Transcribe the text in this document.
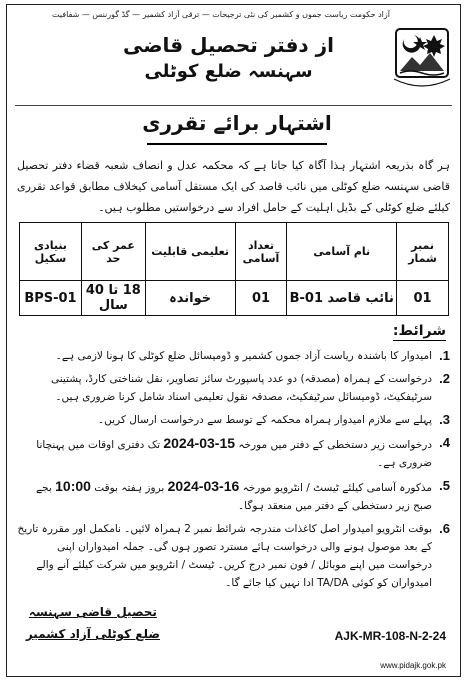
آزاد حکومت ریاست جموں و کشمیر کی نئی ترجیحات — ترقی آزاد کشمیر — گڈ گورننس — شفافیت
از دفتر تحصیل قاضی
سہنسہ ضلع کوٹلی
اشتہار برائے تقرری
ہر گاہ بذریعہ اشتہار ہذا آگاہ کیا جاتا ہے کہ محکمہ عدل و انصاف شعبہ قضاء دفتر تحصیل قاضی سہنسہ ضلع کوٹلی میں نائب قاصد کی ایک مستقل آسامی کیخلاف مطابق قواعد تقرری کیلئے ضلع کوٹلی کے بڈیل اہلیت کے حامل افراد سے درخواستیں مطلوب ہیں۔
نمبر شمار	نام آسامی	تعداد آسامی	تعلیمی قابلیت	عمر کی حد	بنیادی سکیل
01	نائب قاصد B-01	01	خواندہ	18 تا 40 سال	BPS-01
شرائط:
1.
امیدوار کا باشندہ ریاست آزاد جموں کشمیر و ڈومیسائل ضلع کوٹلی کا ہونا لازمی ہے۔
2.
درخواست کے ہمراہ (مصدقہ) دو عدد پاسپورٹ سائز تصاویر، نقل شناختی کارڈ، پشتینی سرٹیفکیٹ، ڈومیسائل سرٹیفکیٹ، مصدقہ نقول تعلیمی اسناد شامل کرنا ضروری ہیں۔
3.
پہلے سے ملازم امیدوار ہمراہ محکمہ کے توسط سے درخواست ارسال کریں۔
4.
درخواست زیر دستخطی کے دفتر میں مورخہ 15-03-2024 تک دفتری اوقات میں پہنچانا ضروری ہے۔
5.
مذکورہ آسامی کیلئے ٹیسٹ / انٹرویو مورخہ 16-03-2024 بروز ہفتہ بوقت 10:00 بجے صبح زیر دستخطی کے دفتر میں منعقد ہوگا۔
6.
بوقت انٹرویو امیدوار اصل کاغذات مندرجہ شرائط نمبر 2 ہمراہ لائیں۔ نامکمل اور مقررہ تاریخ کے بعد موصول ہونے والی درخواست ہائے مسترد تصور ہوں گی۔ جملہ امیدواران اپنی درخواست میں اپنے موبائل / فون نمبر درج کریں۔ ٹیسٹ / انٹرویو میں شرکت کیلئے آنے والے امیدواران کو کوئی TA/DA ادا نہیں کیا جائے گا۔
تحصیل قاضی سہنسہ
ضلع کوٹلی آزاد کشمیر	AJK-MR-108-N-2-24
www.pidajk.gok.pk
